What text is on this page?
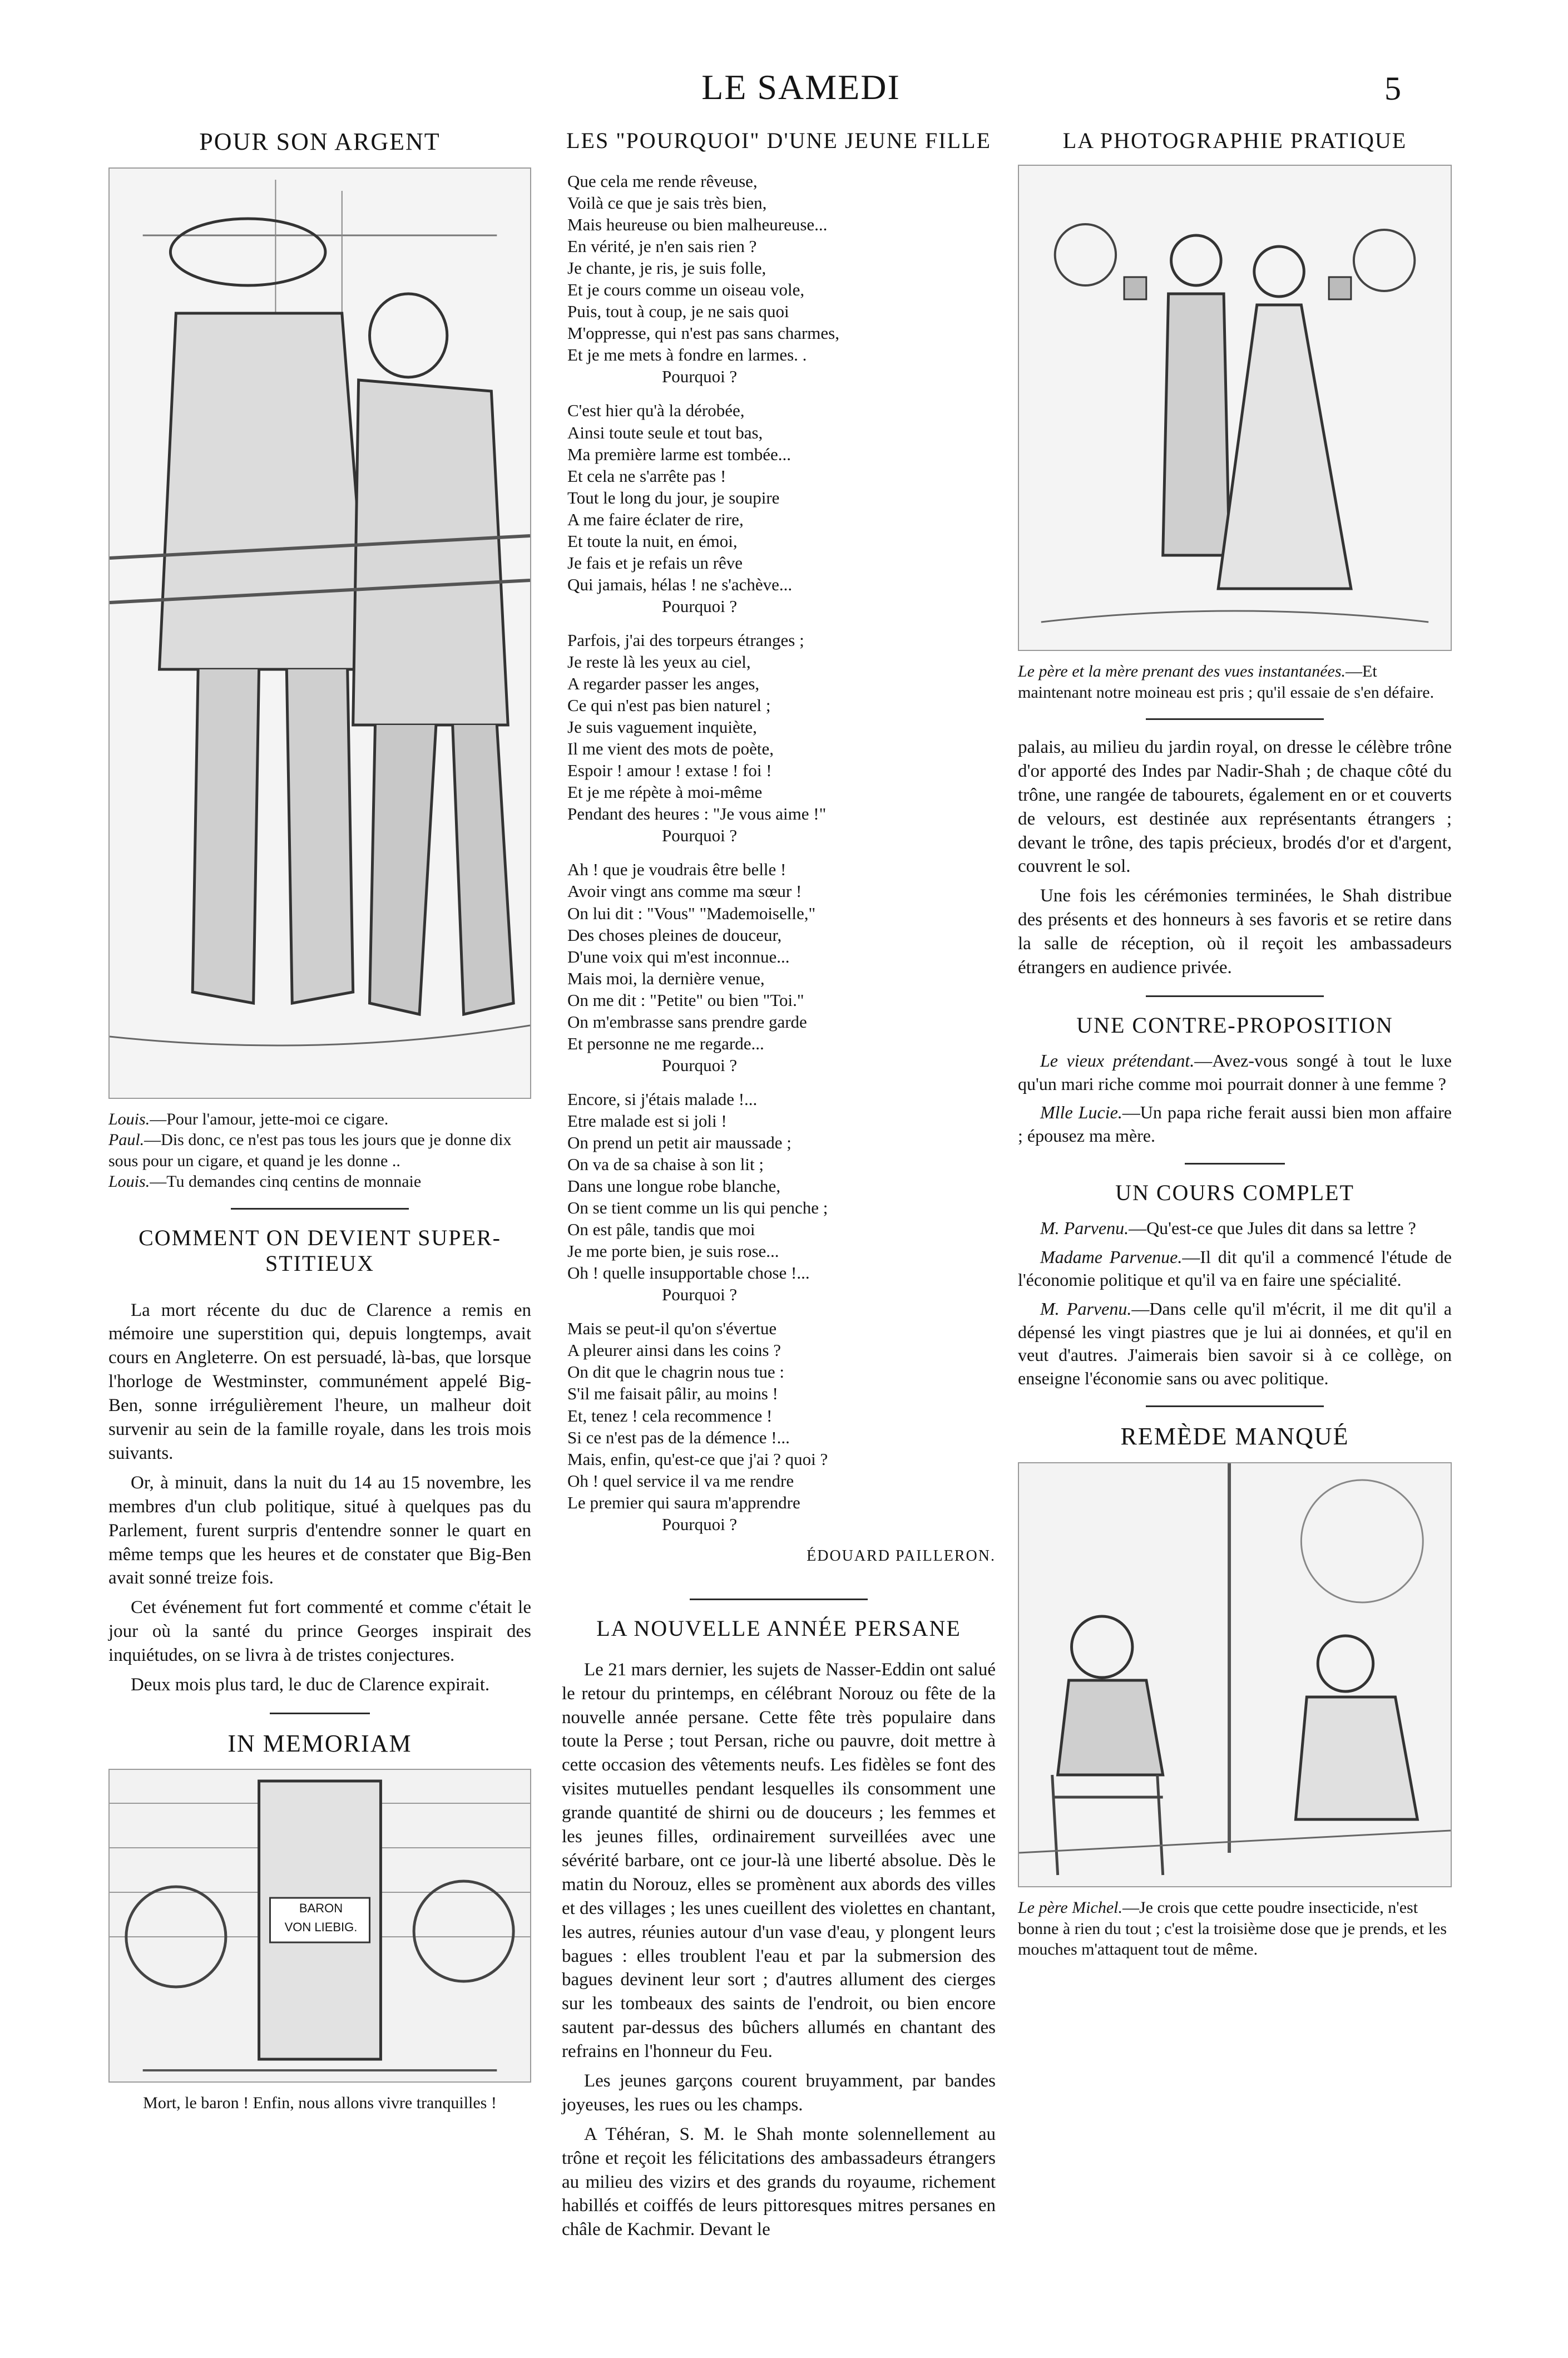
LE SAMEDI	5
POUR SON ARGENT
Louis.—Pour l'amour, jette-moi ce cigare.
Paul.—Dis donc, ce n'est pas tous les jours que je donne dix sous pour un cigare, et quand je les donne ..
Louis.—Tu demandes cinq centins de monnaie
COMMENT ON DEVIENT SUPER-STITIEUX

La mort récente du duc de Clarence a remis en mémoire une superstition qui, depuis longtemps, avait cours en Angleterre. On est persuadé, là-bas, que lorsque l'horloge de Westminster, communément appelé Big-Ben, sonne irrégulièrement l'heure, un malheur doit survenir au sein de la famille royale, dans les trois mois suivants.

Or, à minuit, dans la nuit du 14 au 15 novembre, les membres d'un club politique, situé à quelques pas du Parlement, furent surpris d'entendre sonner le quart en même temps que les heures et de constater que Big-Ben avait sonné treize fois.

Cet événement fut fort commenté et comme c'était le jour où la santé du prince Georges inspirait des inquiétudes, on se livra à de tristes conjectures.

Deux mois plus tard, le duc de Clarence expirait.

IN MEMORIAM
BARON
VON LIEBIG.
Mort, le baron ! Enfin, nous allons vivre tranquilles !
LES "POURQUOI" D'UNE JEUNE FILLE
Que cela me rende rêveuse,
Voilà ce que je sais très bien,
Mais heureuse ou bien malheureuse...
En vérité, je n'en sais rien ?
Je chante, je ris, je suis folle,
Et je cours comme un oiseau vole,
Puis, tout à coup, je ne sais quoi
M'oppresse, qui n'est pas sans charmes,
Et je me mets à fondre en larmes. .
Pourquoi ?
C'est hier qu'à la dérobée,
Ainsi toute seule et tout bas,
Ma première larme est tombée...
Et cela ne s'arrête pas !
Tout le long du jour, je soupire
A me faire éclater de rire,
Et toute la nuit, en émoi,
Je fais et je refais un rêve
Qui jamais, hélas ! ne s'achève...
Pourquoi ?
Parfois, j'ai des torpeurs étranges ;
Je reste là les yeux au ciel,
A regarder passer les anges,
Ce qui n'est pas bien naturel ;
Je suis vaguement inquiète,
Il me vient des mots de poète,
Espoir ! amour ! extase ! foi !
Et je me répète à moi-même
Pendant des heures : "Je vous aime !"
Pourquoi ?
Ah ! que je voudrais être belle !
Avoir vingt ans comme ma sœur !
On lui dit : "Vous" "Mademoiselle,"
Des choses pleines de douceur,
D'une voix qui m'est inconnue...
Mais moi, la dernière venue,
On me dit : "Petite" ou bien "Toi."
On m'embrasse sans prendre garde
Et personne ne me regarde...
Pourquoi ?
Encore, si j'étais malade !...
Etre malade est si joli !
On prend un petit air maussade ;
On va de sa chaise à son lit ;
Dans une longue robe blanche,
On se tient comme un lis qui penche ;
On est pâle, tandis que moi
Je me porte bien, je suis rose...
Oh ! quelle insupportable chose !...
Pourquoi ?
Mais se peut-il qu'on s'évertue
A pleurer ainsi dans les coins ?
On dit que le chagrin nous tue :
S'il me faisait pâlir, au moins !
Et, tenez ! cela recommence !
Si ce n'est pas de la démence !...
Mais, enfin, qu'est-ce que j'ai ? quoi ?
Oh ! quel service il va me rendre
Le premier qui saura m'apprendre
Pourquoi ?
ÉDOUARD PAILLERON.
LA NOUVELLE ANNÉE PERSANE

Le 21 mars dernier, les sujets de Nasser-Eddin ont salué le retour du printemps, en célébrant Norouz ou fête de la nouvelle année persane. Cette fête très populaire dans toute la Perse ; tout Persan, riche ou pauvre, doit mettre à cette occasion des vêtements neufs. Les fidèles se font des visites mutuelles pendant lesquelles ils consomment une grande quantité de shirni ou de douceurs ; les femmes et les jeunes filles, ordinairement surveillées avec une sévérité barbare, ont ce jour-là une liberté absolue. Dès le matin du Norouz, elles se promènent aux abords des villes et des villages ; les unes cueillent des violettes en chantant, les autres, réunies autour d'un vase d'eau, y plongent leurs bagues : elles troublent l'eau et par la submersion des bagues devinent leur sort ; d'autres allument des cierges sur les tombeaux des saints de l'endroit, ou bien encore sautent par-dessus des bûchers allumés en chantant des refrains en l'honneur du Feu.

Les jeunes garçons courent bruyamment, par bandes joyeuses, les rues ou les champs.

A Téhéran, S. M. le Shah monte solennellement au trône et reçoit les félicitations des ambassadeurs étrangers au milieu des vizirs et des grands du royaume, richement habillés et coiffés de leurs pittoresques mitres persanes en châle de Kachmir. Devant le

LA PHOTOGRAPHIE PRATIQUE
Le père et la mère prenant des vues instantanées.—Et maintenant notre moineau est pris ; qu'il essaie de s'en défaire.

palais, au milieu du jardin royal, on dresse le célèbre trône d'or apporté des Indes par Nadir-Shah ; de chaque côté du trône, une rangée de tabourets, également en or et couverts de velours, est destinée aux représentants étrangers ; devant le trône, des tapis précieux, brodés d'or et d'argent, couvrent le sol.

Une fois les cérémonies terminées, le Shah distribue des présents et des honneurs à ses favoris et se retire dans la salle de réception, où il reçoit les ambassadeurs étrangers en audience privée.

UNE CONTRE-PROPOSITION

Le vieux prétendant.—Avez-vous songé à tout le luxe qu'un mari riche comme moi pourrait donner à une femme ?

Mlle Lucie.—Un papa riche ferait aussi bien mon affaire ; épousez ma mère.

UN COURS COMPLET

M. Parvenu.—Qu'est-ce que Jules dit dans sa lettre ?

Madame Parvenue.—Il dit qu'il a commencé l'étude de l'économie politique et qu'il va en faire une spécialité.

M. Parvenu.—Dans celle qu'il m'écrit, il me dit qu'il a dépensé les vingt piastres que je lui ai données, et qu'il en veut d'autres. J'aimerais bien savoir si à ce collège, on enseigne l'économie sans ou avec politique.

REMÈDE MANQUÉ
Le père Michel.—Je crois que cette poudre insecticide, n'est bonne à rien du tout ; c'est la troisième dose que je prends, et les mouches m'attaquent tout de même.
